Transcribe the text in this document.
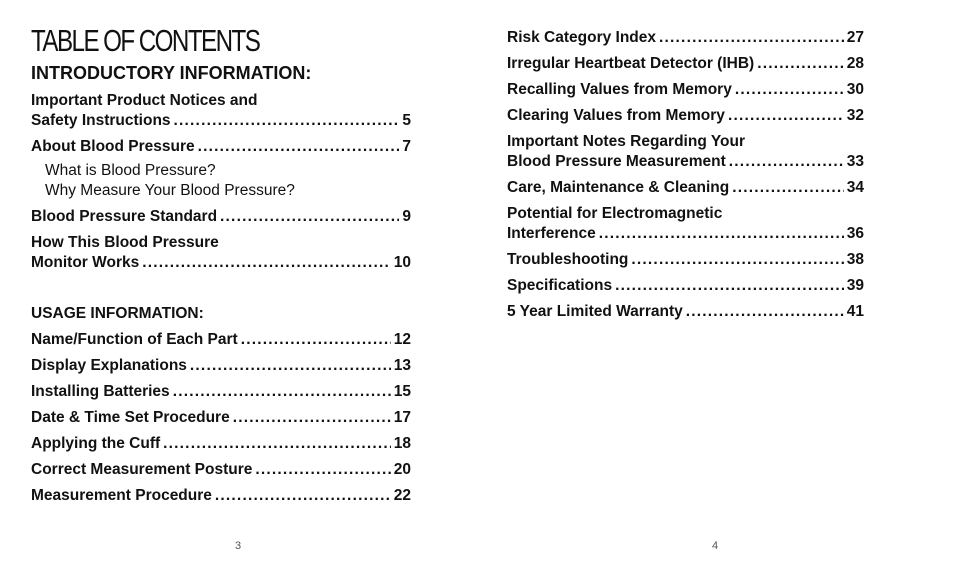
TABLE OF CONTENTS
INTRODUCTORY INFORMATION:
Important Product Notices and
Safety Instructions .....	5
About Blood Pressure .....	7
What is Blood Pressure?
Why Measure Your Blood Pressure?
Blood Pressure Standard .....	9
How This Blood Pressure
Monitor Works .....	10
USAGE INFORMATION:
Name/Function of Each Part .....	12
Display Explanations .....	13
Installing Batteries .....	15
Date & Time Set Procedure .....	17
Applying the Cuff .....	18
Correct Measurement Posture .....	20
Measurement Procedure .....	22
Risk Category Index .....	27
Irregular Heartbeat Detector (IHB) .....	28
Recalling Values from Memory .....	30
Clearing Values from Memory .....	32
Important Notes Regarding Your
Blood Pressure Measurement .....	33
Care, Maintenance & Cleaning .....	34
Potential for Electromagnetic
Interference .....	36
Troubleshooting .....	38
Specifications .....	39
5 Year Limited Warranty .....	41
3	4
